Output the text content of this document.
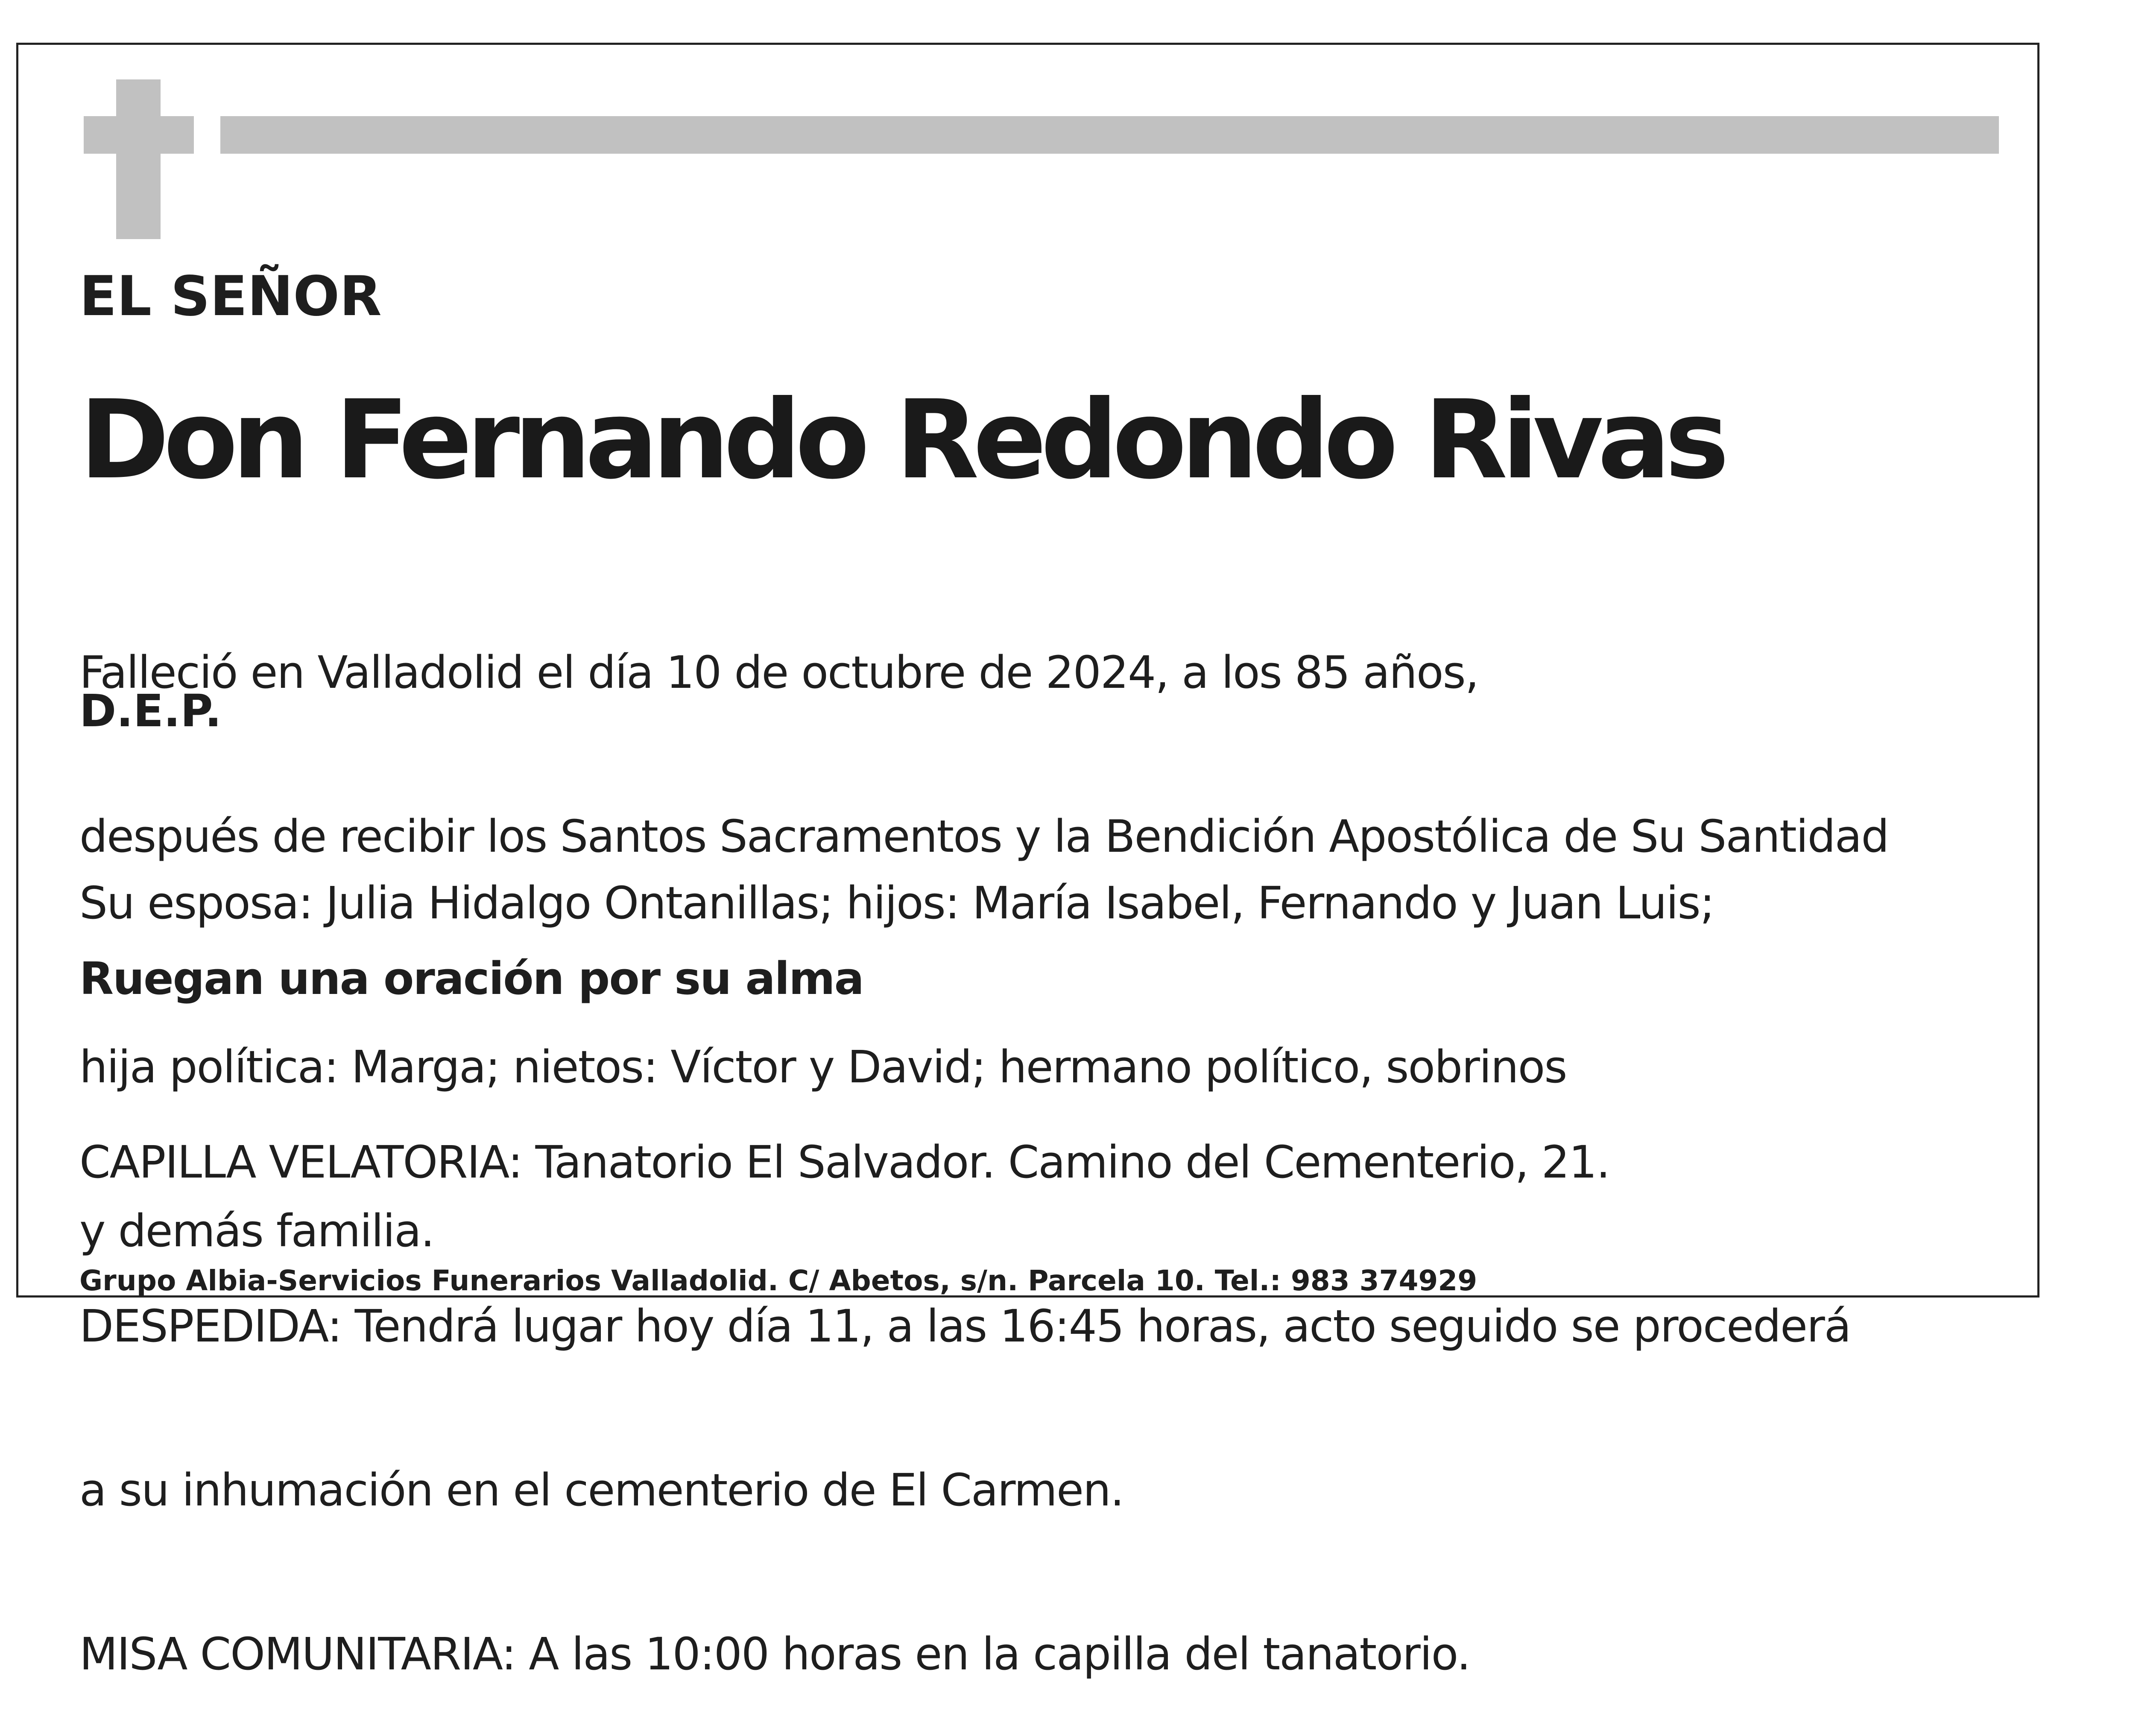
EL SEÑOR

Don Fernando Redondo Rivas

Falleció en Valladolid el día 10 de octubre de 2024, a los 85 años,

después de recibir los Santos Sacramentos y la Bendición Apostólica de Su Santidad

D.E.P.

Su esposa: Julia Hidalgo Ontanillas; hijos: María Isabel, Fernando y Juan Luis;

hija política: Marga; nietos: Víctor y David; hermano político, sobrinos

y demás familia.

Ruegan una oración por su alma

CAPILLA VELATORIA: Tanatorio El Salvador. Camino del Cementerio, 21.

DESPEDIDA: Tendrá lugar hoy día 11, a las 16:45 horas, acto seguido se procederá

a su inhumación en el cementerio de El Carmen.

MISA COMUNITARIA: A las 10:00 horas en la capilla del tanatorio.

Grupo Albia-Servicios Funerarios Valladolid. C/ Abetos, s/n. Parcela 10. Tel.: 983 374929
